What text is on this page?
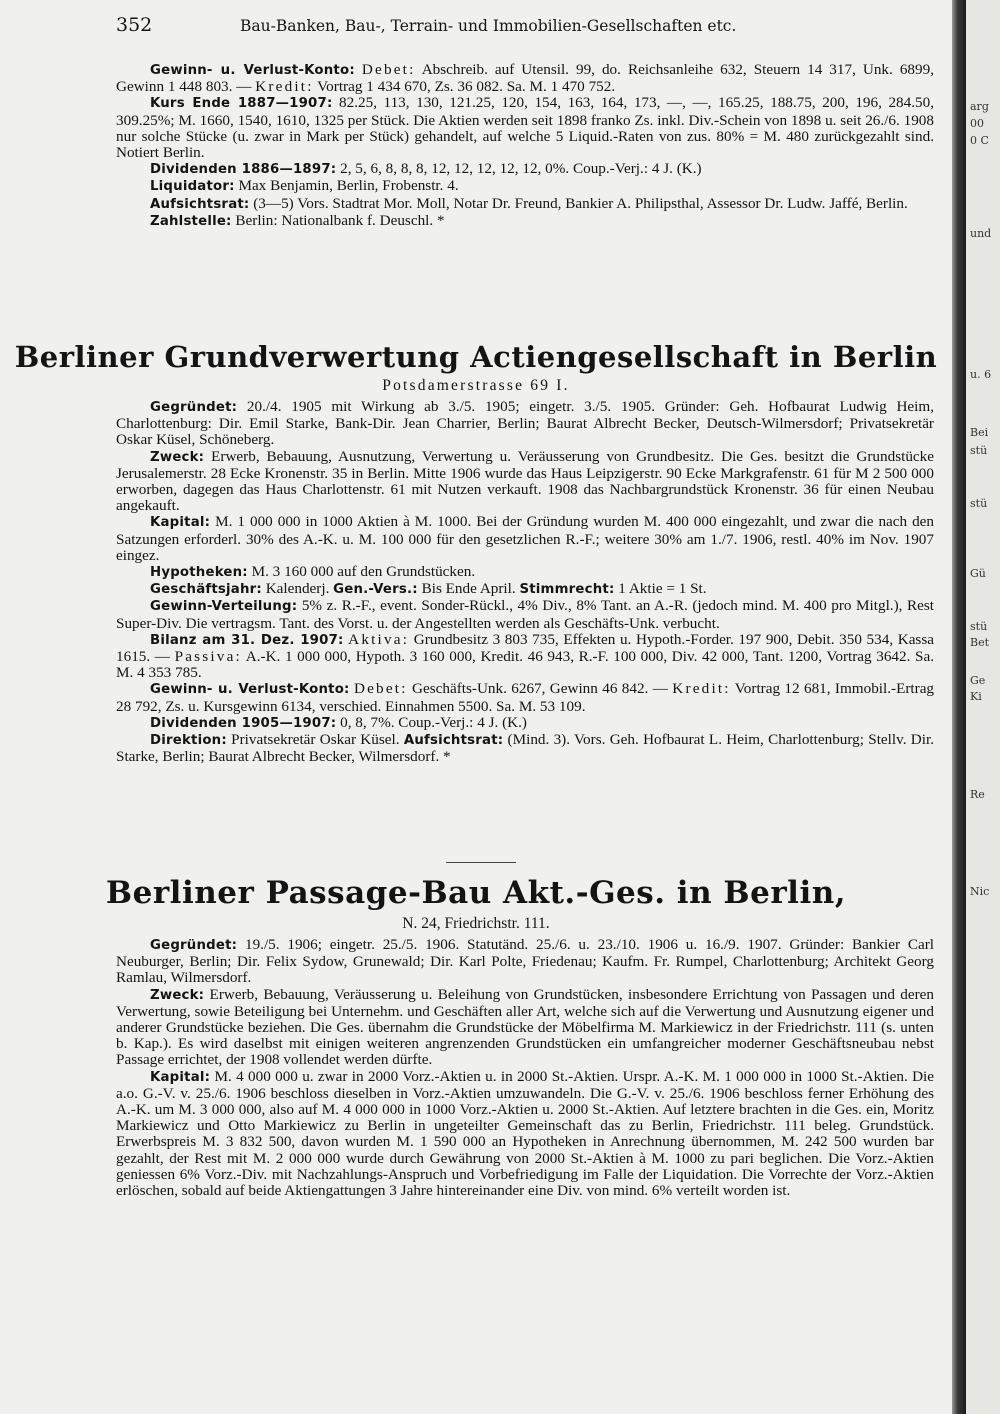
352	Bau-Banken, Bau-, Terrain- und Immobilien-Gesellschaften etc.

Gewinn- u. Verlust-Konto: Debet: Abschreib. auf Utensil. 99, do. Reichsanleihe 632, Steuern 14 317, Unk. 6899, Gewinn 1 448 803. — Kredit: Vortrag 1 434 670, Zs. 36 082. Sa. M. 1 470 752.

Kurs Ende 1887—1907: 82.25, 113, 130, 121.25, 120, 154, 163, 164, 173, —, —, 165.25, 188.75, 200, 196, 284.50, 309.25%; M. 1660, 1540, 1610, 1325 per Stück. Die Aktien werden seit 1898 franko Zs. inkl. Div.-Schein von 1898 u. seit 26./6. 1908 nur solche Stücke (u. zwar in Mark per Stück) gehandelt, auf welche 5 Liquid.-Raten von zus. 80% = M. 480 zurückgezahlt sind. Notiert Berlin.

Dividenden 1886—1897: 2, 5, 6, 8, 8, 8, 12, 12, 12, 12, 12, 0%. Coup.-Verj.: 4 J. (K.)

Liquidator: Max Benjamin, Berlin, Frobenstr. 4.

Aufsichtsrat: (3—5) Vors. Stadtrat Mor. Moll, Notar Dr. Freund, Bankier A. Philipsthal, Assessor Dr. Ludw. Jaffé, Berlin.

Zahlstelle: Berlin: Nationalbank f. Deuschl. *

Berliner Grundverwertung Actiengesellschaft in Berlin
Potsdamerstrasse 69 I.

Gegründet: 20./4. 1905 mit Wirkung ab 3./5. 1905; eingetr. 3./5. 1905. Gründer: Geh. Hofbaurat Ludwig Heim, Charlottenburg: Dir. Emil Starke, Bank-Dir. Jean Charrier, Berlin; Baurat Albrecht Becker, Deutsch-Wilmersdorf; Privatsekretär Oskar Küsel, Schöneberg.

Zweck: Erwerb, Bebauung, Ausnutzung, Verwertung u. Veräusserung von Grundbesitz. Die Ges. besitzt die Grundstücke Jerusalemerstr. 28 Ecke Kronenstr. 35 in Berlin. Mitte 1906 wurde das Haus Leipzigerstr. 90 Ecke Markgrafenstr. 61 für M 2 500 000 erworben, dagegen das Haus Charlottenstr. 61 mit Nutzen verkauft. 1908 das Nachbargrundstück Kronenstr. 36 für einen Neubau angekauft.

Kapital: M. 1 000 000 in 1000 Aktien à M. 1000. Bei der Gründung wurden M. 400 000 eingezahlt, und zwar die nach den Satzungen erforderl. 30% des A.-K. u. M. 100 000 für den gesetzlichen R.-F.; weitere 30% am 1./7. 1906, restl. 40% im Nov. 1907 eingez.

Hypotheken: M. 3 160 000 auf den Grundstücken.

Geschäftsjahr: Kalenderj. Gen.-Vers.: Bis Ende April. Stimmrecht: 1 Aktie = 1 St.

Gewinn-Verteilung: 5% z. R.-F., event. Sonder-Rückl., 4% Div., 8% Tant. an A.-R. (jedoch mind. M. 400 pro Mitgl.), Rest Super-Div. Die vertragsm. Tant. des Vorst. u. der Angestellten werden als Geschäfts-Unk. verbucht.

Bilanz am 31. Dez. 1907: Aktiva: Grundbesitz 3 803 735, Effekten u. Hypoth.-Forder. 197 900, Debit. 350 534, Kassa 1615. — Passiva: A.-K. 1 000 000, Hypoth. 3 160 000, Kredit. 46 943, R.-F. 100 000, Div. 42 000, Tant. 1200, Vortrag 3642. Sa. M. 4 353 785.

Gewinn- u. Verlust-Konto: Debet: Geschäfts-Unk. 6267, Gewinn 46 842. — Kredit: Vortrag 12 681, Immobil.-Ertrag 28 792, Zs. u. Kursgewinn 6134, verschied. Einnahmen 5500. Sa. M. 53 109.

Dividenden 1905—1907: 0, 8, 7%. Coup.-Verj.: 4 J. (K.)

Direktion: Privatsekretär Oskar Küsel. Aufsichtsrat: (Mind. 3). Vors. Geh. Hofbaurat L. Heim, Charlottenburg; Stellv. Dir. Starke, Berlin; Baurat Albrecht Becker, Wilmersdorf. *

Berliner Passage-Bau Akt.-Ges. in Berlin,
N. 24, Friedrichstr. 111.

Gegründet: 19./5. 1906; eingetr. 25./5. 1906. Statutänd. 25./6. u. 23./10. 1906 u. 16./9. 1907. Gründer: Bankier Carl Neuburger, Berlin; Dir. Felix Sydow, Grunewald; Dir. Karl Polte, Friedenau; Kaufm. Fr. Rumpel, Charlottenburg; Architekt Georg Ramlau, Wilmersdorf.

Zweck: Erwerb, Bebauung, Veräusserung u. Beleihung von Grundstücken, insbesondere Errichtung von Passagen und deren Verwertung, sowie Beteiligung bei Unternehm. und Geschäften aller Art, welche sich auf die Verwertung und Ausnutzung eigener und anderer Grundstücke beziehen. Die Ges. übernahm die Grundstücke der Möbelfirma M. Markiewicz in der Friedrichstr. 111 (s. unten b. Kap.). Es wird daselbst mit einigen weiteren angrenzenden Grundstücken ein umfangreicher moderner Geschäftsneubau nebst Passage errichtet, der 1908 vollendet werden dürfte.

Kapital: M. 4 000 000 u. zwar in 2000 Vorz.-Aktien u. in 2000 St.-Aktien. Urspr. A.-K. M. 1 000 000 in 1000 St.-Aktien. Die a.o. G.-V. v. 25./6. 1906 beschloss dieselben in Vorz.-Aktien umzuwandeln. Die G.-V. v. 25./6. 1906 beschloss ferner Erhöhung des A.-K. um M. 3 000 000, also auf M. 4 000 000 in 1000 Vorz.-Aktien u. 2000 St.-Aktien. Auf letztere brachten in die Ges. ein, Moritz Markiewicz und Otto Markiewicz zu Berlin in ungeteilter Gemeinschaft das zu Berlin, Friedrichstr. 111 beleg. Grundstück. Erwerbspreis M. 3 832 500, davon wurden M. 1 590 000 an Hypotheken in Anrechnung übernommen, M. 242 500 wurden bar gezahlt, der Rest mit M. 2 000 000 wurde durch Gewährung von 2000 St.-Aktien à M. 1000 zu pari beglichen. Die Vorz.-Aktien geniessen 6% Vorz.-Div. mit Nachzahlungs-Anspruch und Vorbefriedigung im Falle der Liquidation. Die Vorrechte der Vorz.-Aktien erlöschen, sobald auf beide Aktiengattungen 3 Jahre hintereinander eine Div. von mind. 6% verteilt worden ist.

arg
00
0 C
und
u. 6
Bei
stü
stü
Gü
stü
Bet
Ge
Ki
Re
Nic
